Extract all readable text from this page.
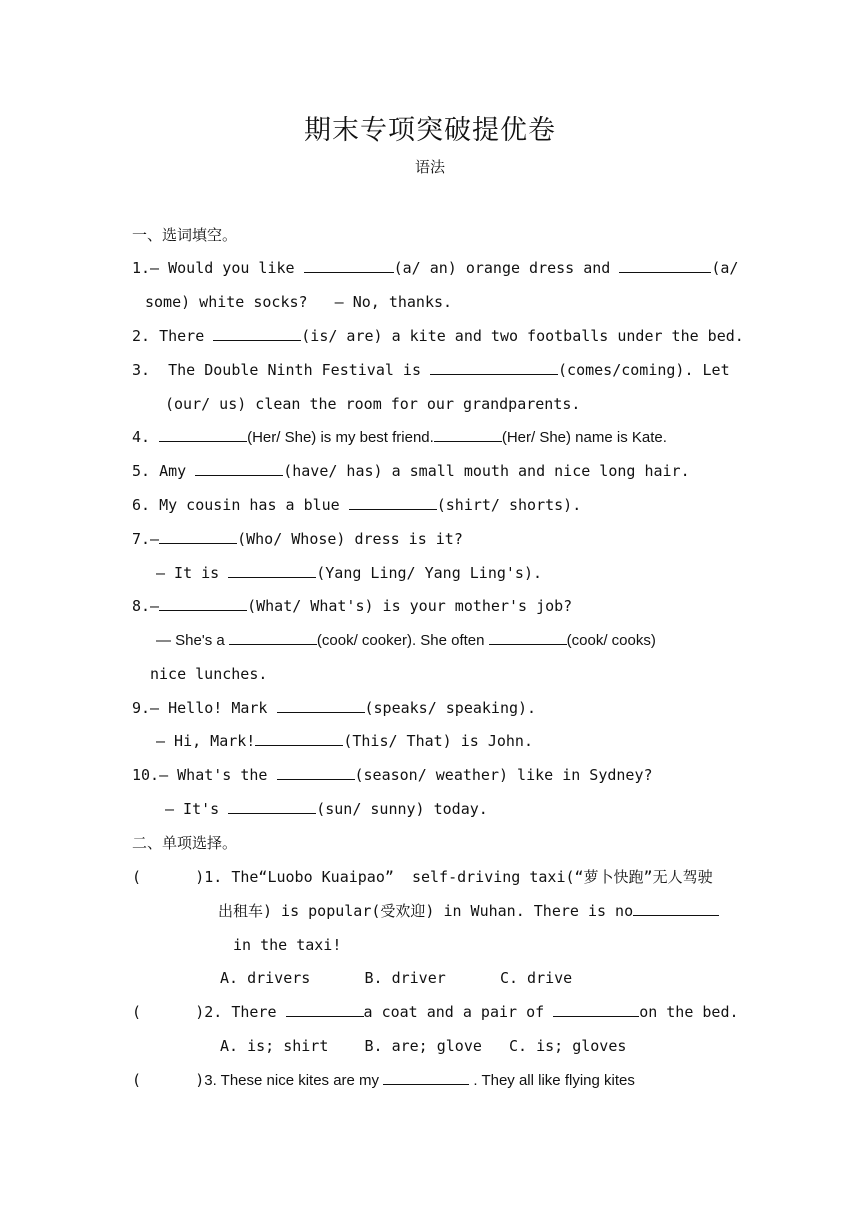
期末专项突破提优卷
语法
一、选词填空。
1.— Would you like	(a/ an) orange dress and	(a/
some) white socks?   — No, thanks.
2. There	(is/ are) a kite and two footballs under the bed.
3.  The Double Ninth Festival is	(comes/coming). Let
(our/ us) clean the room for our grandparents.
4.	(Her/ She) is my best friend.	(Her/ She) name is Kate.
5. Amy	(have/ has) a small mouth and nice long hair.
6. My cousin has a blue	(shirt/ shorts).
7.—	(Who/ Whose) dress is it?
— It is	(Yang Ling/ Yang Ling's).
8.—	(What/ What's) is your mother's job?
— She's a	(cook/ cooker). She often	(cook/ cooks)
nice lunches.
9.— Hello! Mark	(speaks/ speaking).
— Hi, Mark!	(This/ That) is John.
10.— What's the	(season/ weather) like in Sydney?
— It's	(sun/ sunny) today.
二、单项选择。
(      )1. The“Luobo Kuaipao”  self-driving taxi(“萝卜快跑”无人驾驶
出租车) is popular(受欢迎) in Wuhan. There is no
in the taxi!
A. drivers      B. driver      C. drive
(      )2. There	a coat and a pair of	on the bed.
A. is; shirt    B. are; glove   C. is; gloves
(      )3. These nice kites are my	. They all like flying kites
